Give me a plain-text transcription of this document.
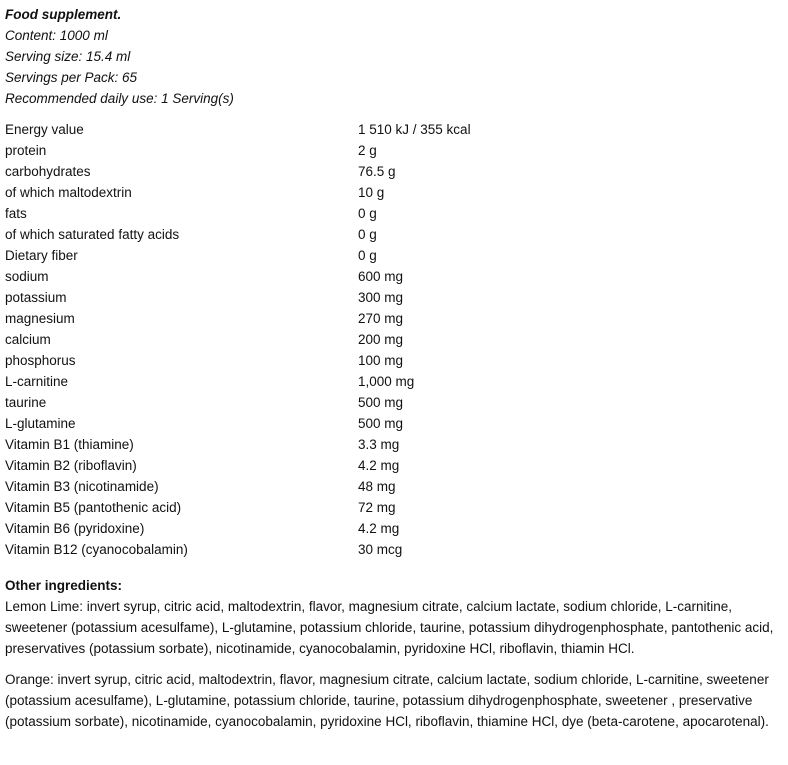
Food supplement.
Content: 1000 ml
Serving size: 15.4 ml
Servings per Pack: 65
Recommended daily use: 1 Serving(s)
Energy value	1 510 kJ / 355 kcal
protein	2 g
carbohydrates	76.5 g
of which maltodextrin	10 g
fats	0 g
of which saturated fatty acids	0 g
Dietary fiber	0 g
sodium	600 mg
potassium	300 mg
magnesium	270 mg
calcium	200 mg
phosphorus	100 mg
L-carnitine	1,000 mg
taurine	500 mg
L-glutamine	500 mg
Vitamin B1 (thiamine)	3.3 mg
Vitamin B2 (riboflavin)	4.2 mg
Vitamin B3 (nicotinamide)	48 mg
Vitamin B5 (pantothenic acid)	72 mg
Vitamin B6 (pyridoxine)	4.2 mg
Vitamin B12 (cyanocobalamin)	30 mcg
Other ingredients:

Lemon Lime: invert syrup, citric acid, maltodextrin, flavor, magnesium citrate, calcium lactate, sodium chloride, L-carnitine, sweetener (potassium acesulfame), L-glutamine, potassium chloride, taurine, potassium dihydrogenphosphate, pantothenic acid, preservatives (potassium sorbate), nicotinamide, cyanocobalamin, pyridoxine HCl, riboflavin, thiamin HCl.

Orange: invert syrup, citric acid, maltodextrin, flavor, magnesium citrate, calcium lactate, sodium chloride, L-carnitine, sweetener (potassium acesulfame), L-glutamine, potassium chloride, taurine, potassium dihydrogenphosphate, sweetener , preservative (potassium sorbate), nicotinamide, cyanocobalamin, pyridoxine HCl, riboflavin, thiamine HCl, dye (beta-carotene, apocarotenal).
